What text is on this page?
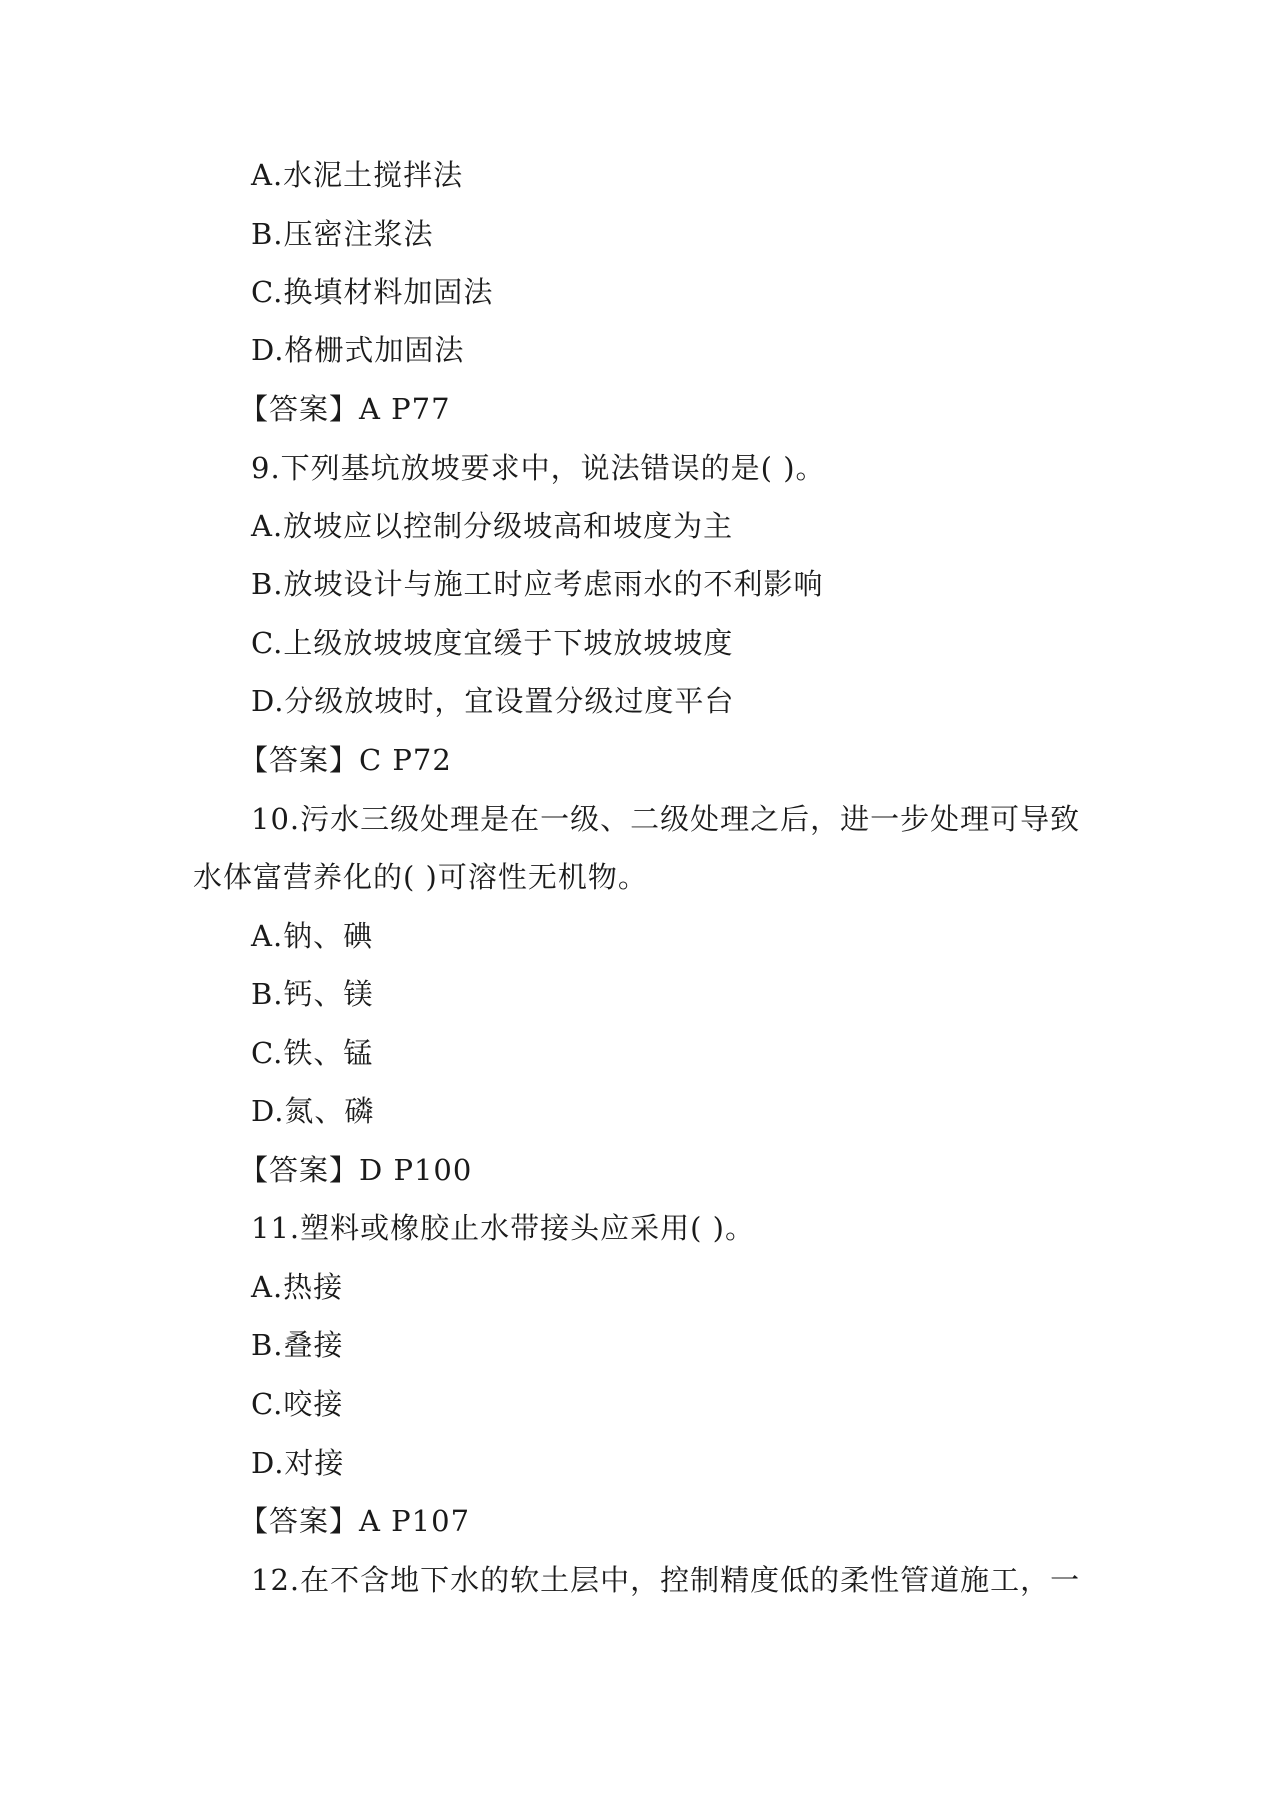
A.水泥土搅拌法
B.压密注浆法
C.换填材料加固法
D.格栅式加固法
【答案】A P77
9.下列基坑放坡要求中，说法错误的是( )。
A.放坡应以控制分级坡高和坡度为主
B.放坡设计与施工时应考虑雨水的不利影响
C.上级放坡坡度宜缓于下坡放坡坡度
D.分级放坡时，宜设置分级过度平台
【答案】C P72
10.污水三级处理是在一级、二级处理之后，进一步处理可导致
水体富营养化的( )可溶性无机物。
A.钠、碘
B.钙、镁
C.铁、锰
D.氮、磷
【答案】D P100
11.塑料或橡胶止水带接头应采用( )。
A.热接
B.叠接
C.咬接
D.对接
【答案】A P107
12.在不含地下水的软土层中，控制精度低的柔性管道施工，一
